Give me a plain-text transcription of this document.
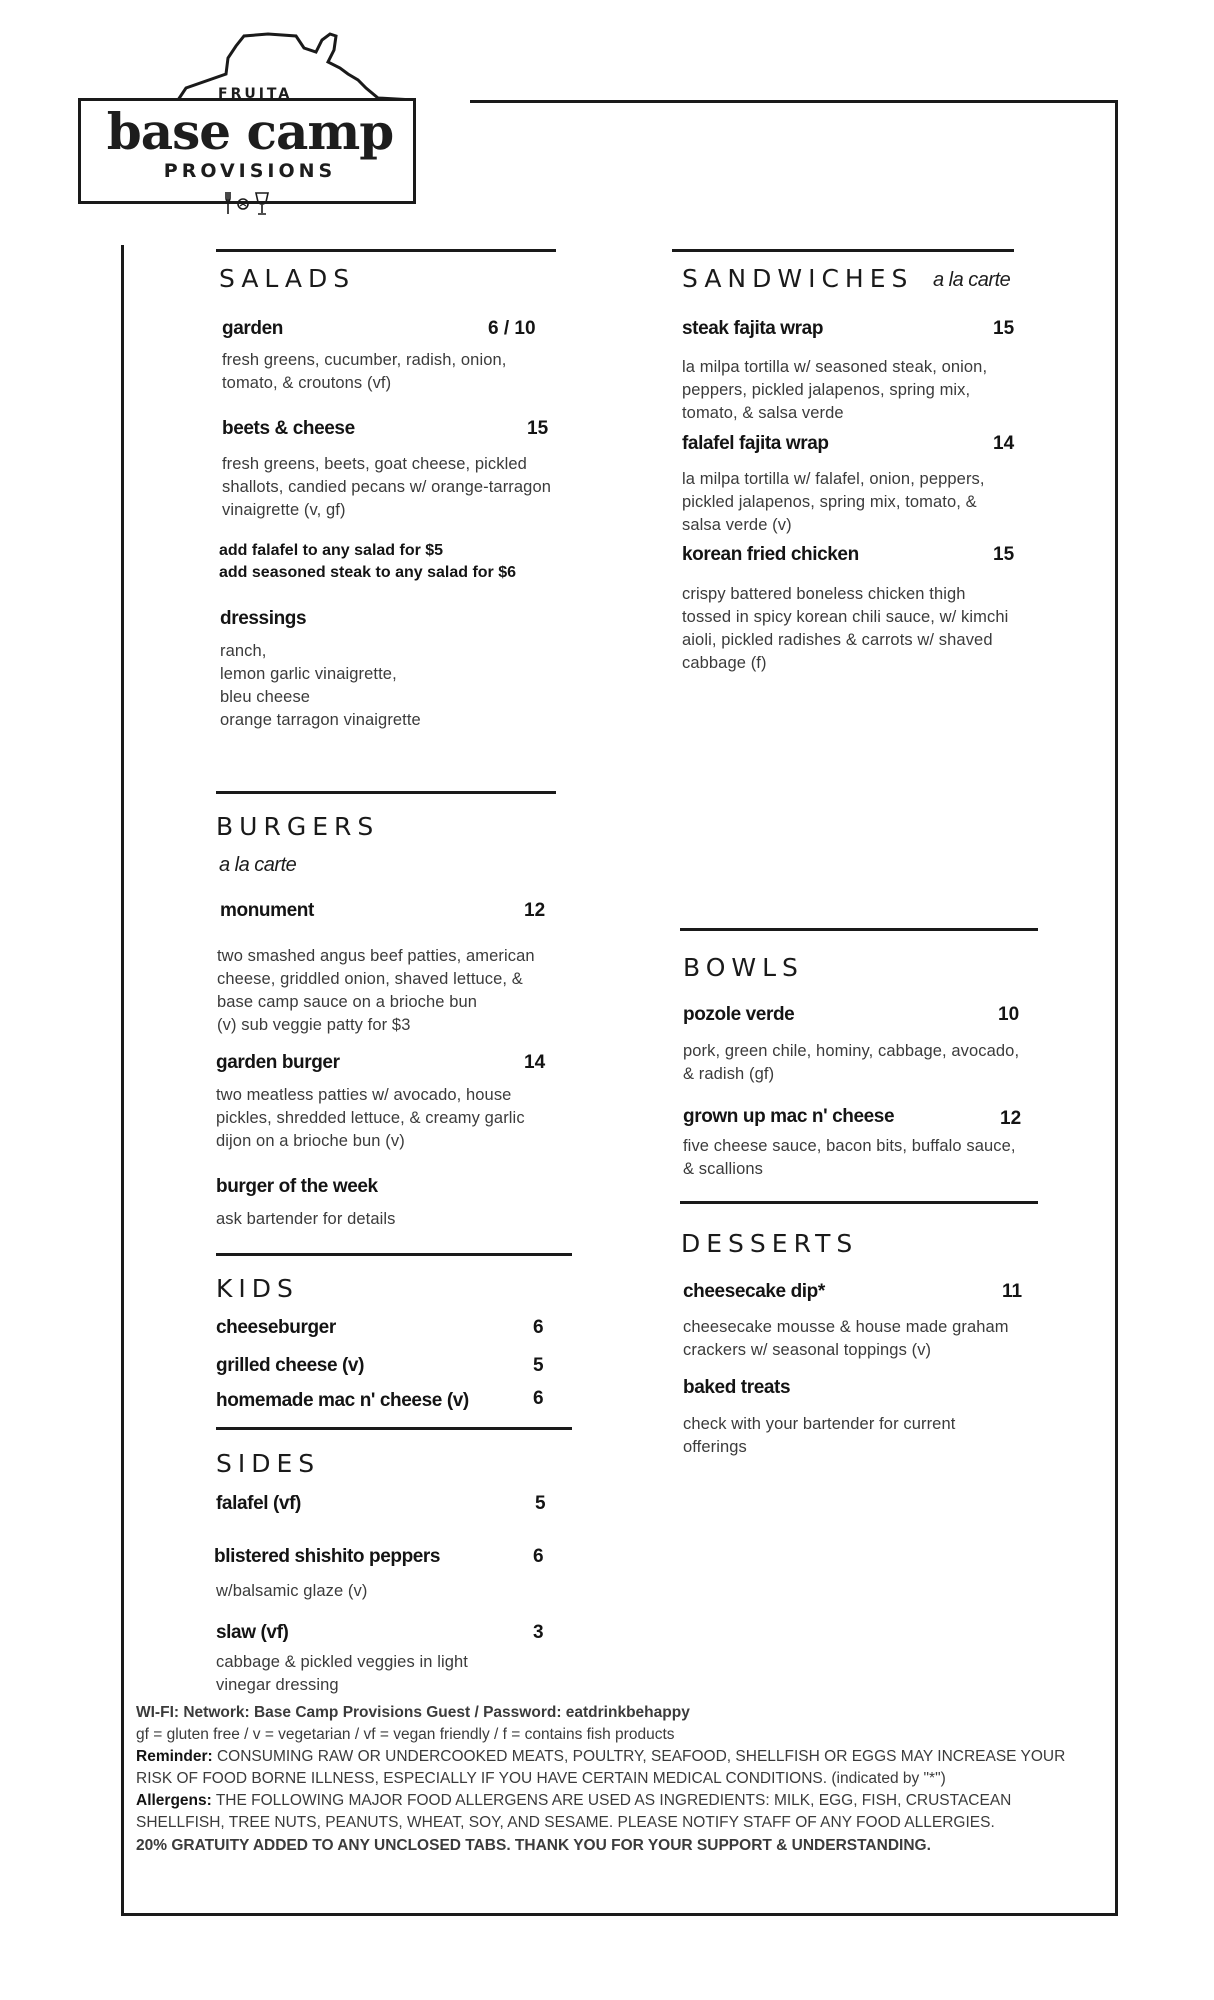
FRUITA
base camp
PROVISIONS
SALADS
garden	6 / 10
fresh greens, cucumber, radish, onion, tomato, & croutons (vf)
beets & cheese	15
fresh greens, beets, goat cheese, pickled shallots, candied pecans w/ orange-tarragon vinaigrette (v, gf)
add falafel to any salad for $5
add seasoned steak to any salad for $6
dressings
ranch,
lemon garlic vinaigrette,
bleu cheese
orange tarragon vinaigrette
SANDWICHES a la carte
steak fajita wrap	15
la milpa tortilla w/ seasoned steak, onion, peppers, pickled jalapenos, spring mix, tomato, & salsa verde
falafel fajita wrap	14
la milpa tortilla w/ falafel, onion, peppers, pickled jalapenos, spring mix, tomato, & salsa verde (v)
korean fried chicken	15
crispy battered boneless chicken thigh tossed in spicy korean chili sauce, w/ kimchi aioli, pickled radishes & carrots w/ shaved cabbage (f)
BURGERS
a la carte
monument	12
two smashed angus beef patties, american cheese, griddled onion, shaved lettuce, & base camp sauce on a brioche bun
(v) sub veggie patty for $3
garden burger	14
two meatless patties w/ avocado, house pickles, shredded lettuce, & creamy garlic dijon on a brioche bun (v)
burger of the week
ask bartender for details
BOWLS
pozole verde	10
pork, green chile, hominy, cabbage, avocado, & radish (gf)
grown up mac n' cheese	12
five cheese sauce, bacon bits, buffalo sauce, & scallions
KIDS
cheeseburger	6
grilled cheese (v)	5
homemade mac n' cheese (v)	6
DESSERTS
cheesecake dip*	11
cheesecake mousse & house made graham crackers w/ seasonal toppings (v)
baked treats
check with your bartender for current offerings
SIDES
falafel (vf)	5
blistered shishito peppers	6
w/balsamic glaze (v)
slaw (vf)	3
cabbage & pickled veggies in light vinegar dressing
WI-FI: Network: Base Camp Provisions Guest / Password: eatdrinkbehappy
gf = gluten free / v = vegetarian / vf = vegan friendly / f = contains fish products
Reminder: CONSUMING RAW OR UNDERCOOKED MEATS, POULTRY, SEAFOOD, SHELLFISH OR EGGS MAY INCREASE YOUR RISK OF FOOD BORNE ILLNESS, ESPECIALLY IF YOU HAVE CERTAIN MEDICAL CONDITIONS. (indicated by "*")
Allergens: THE FOLLOWING MAJOR FOOD ALLERGENS ARE USED AS INGREDIENTS: MILK, EGG, FISH, CRUSTACEAN SHELLFISH, TREE NUTS, PEANUTS, WHEAT, SOY, AND SESAME. PLEASE NOTIFY STAFF OF ANY FOOD ALLERGIES.
20% GRATUITY ADDED TO ANY UNCLOSED TABS. THANK YOU FOR YOUR SUPPORT & UNDERSTANDING.
